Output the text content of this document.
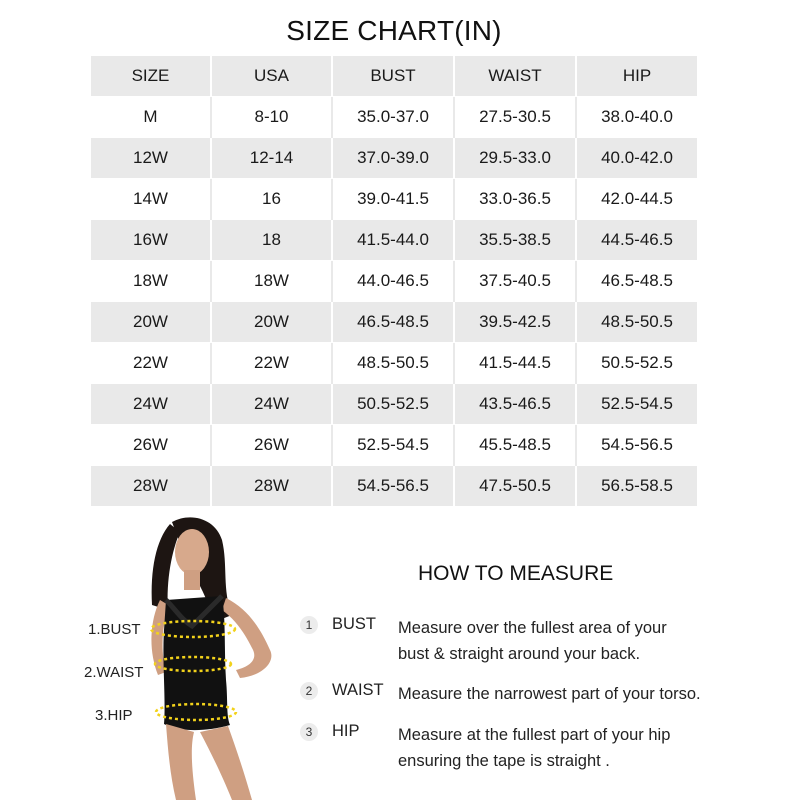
SIZE CHART(IN)
SIZE	USA	BUST	WAIST	HIP
M	8-10	35.0-37.0	27.5-30.5	38.0-40.0
12W	12-14	37.0-39.0	29.5-33.0	40.0-42.0
14W	16	39.0-41.5	33.0-36.5	42.0-44.5
16W	18	41.5-44.0	35.5-38.5	44.5-46.5
18W	18W	44.0-46.5	37.5-40.5	46.5-48.5
20W	20W	46.5-48.5	39.5-42.5	48.5-50.5
22W	22W	48.5-50.5	41.5-44.5	50.5-52.5
24W	24W	50.5-52.5	43.5-46.5	52.5-54.5
26W	26W	52.5-54.5	45.5-48.5	54.5-56.5
28W	28W	54.5-56.5	47.5-50.5	56.5-58.5
1.BUST
2.WAIST
3.HIP
HOW TO MEASURE
1	BUST Measure over the fullest area of your bust & straight around your back.
2	WAIST Measure the narrowest part of your torso.
3	HIP Measure at the fullest part of your hip ensuring the tape is straight .
